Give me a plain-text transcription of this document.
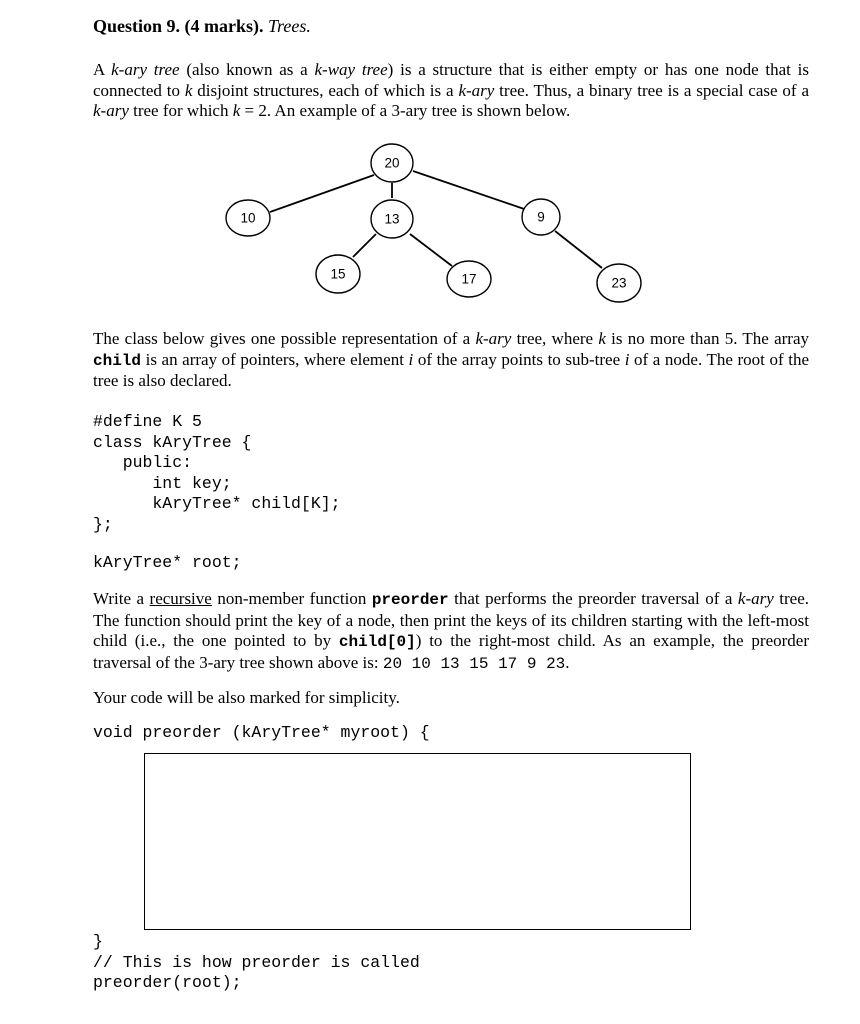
Question 9. (4 marks). Trees.
A k-ary tree (also known as a k-way tree) is a structure that is either empty or has one node that is connected to k disjoint structures, each of which is a k-ary tree. Thus, a binary tree is a special case of a k-ary tree for which k = 2. An example of a 3-ary tree is shown below.
20
10	13	9
15	17	23
The class below gives one possible representation of a k-ary tree, where k is no more than 5. The array child is an array of pointers, where element i of the array points to sub-tree i of a node. The root of the tree is also declared.
#define K 5
class kAryTree {
public:
int key;
kAryTree* child[K];
};
kAryTree* root;
Write a recursive non-member function preorder that performs the preorder traversal of a k-ary tree. The function should print the key of a node, then print the keys of its children starting with the left-most child (i.e., the one pointed to by child[0]) to the right-most child. As an example, the preorder traversal of the 3-ary tree shown above is: 20 10 13 15 17 9 23.
Your code will be also marked for simplicity.
void preorder (kAryTree* myroot) {
}
// This is how preorder is called
preorder(root);
